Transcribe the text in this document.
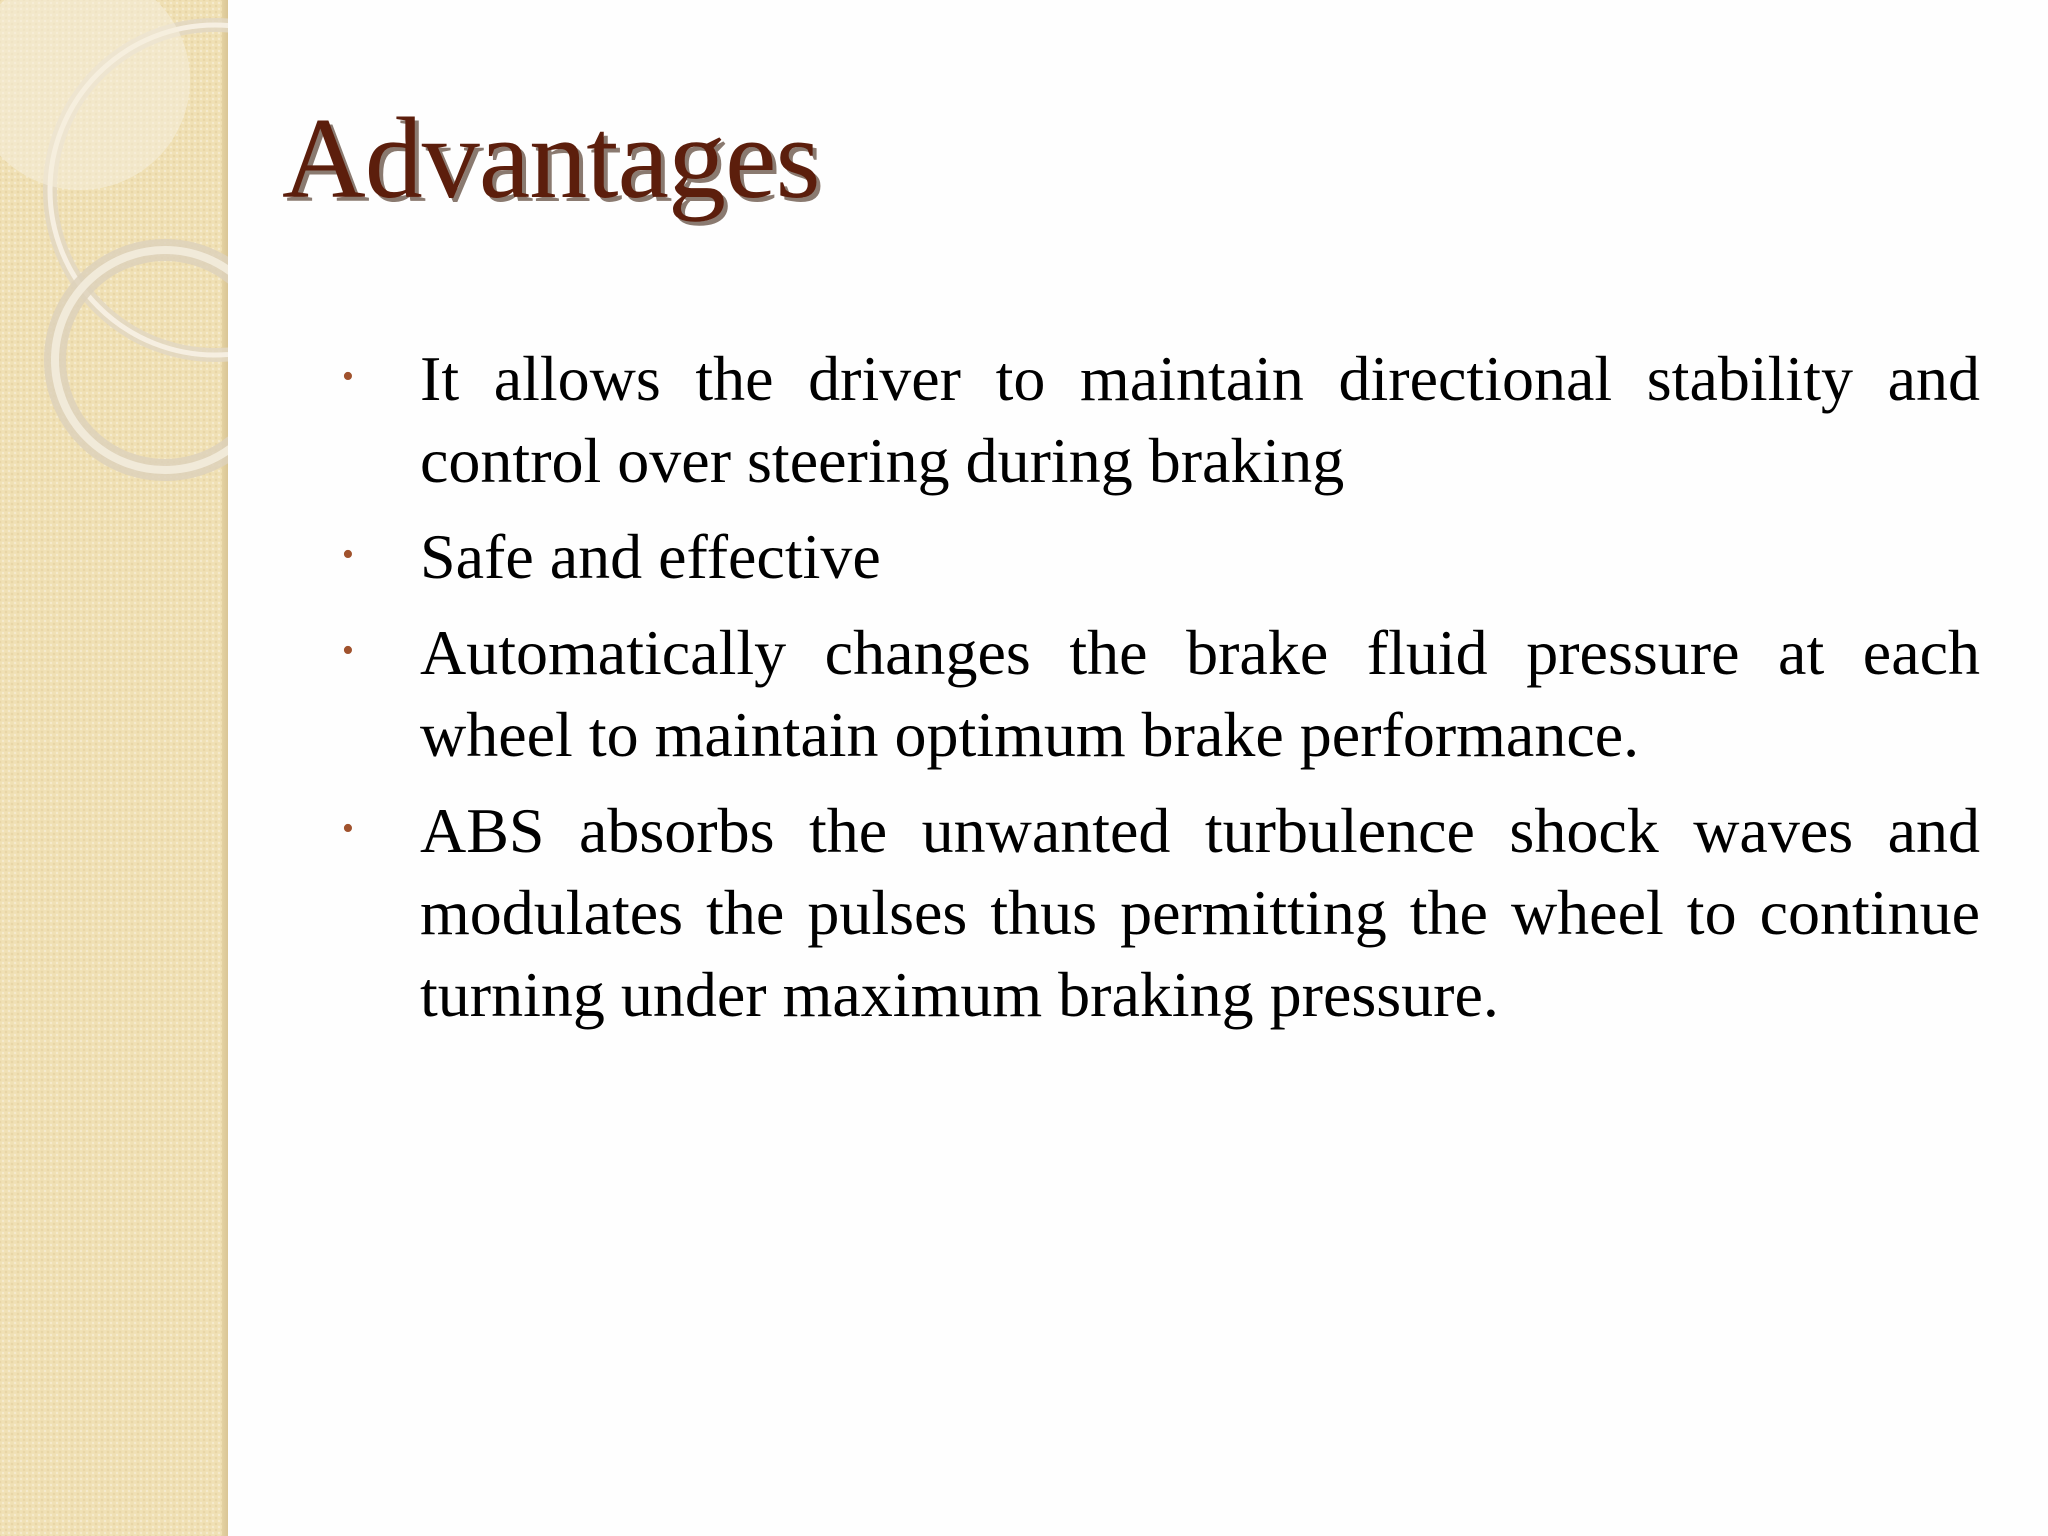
Advantages
• It allows the driver to maintain directional stability and control over steering during braking
• Safe and effective
• Automatically changes the brake fluid pressure at each wheel to maintain optimum brake performance.
• ABS absorbs the unwanted turbulence shock waves and modulates the pulses thus permitting the wheel to continue turning under maximum braking pressure.
